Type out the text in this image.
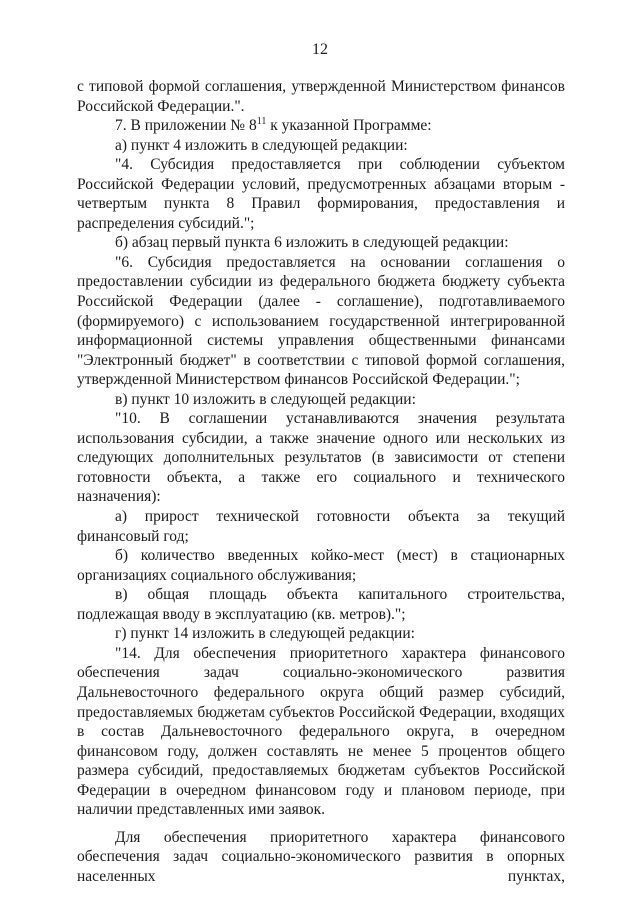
12

с типовой формой соглашения, утвержденной Министерством финансов Российской Федерации.".

7. В приложении № $8^{11}$ к указанной Программе:

а) пункт 4 изложить в следующей редакции:

"4. Субсидия предоставляется при соблюдении субъектом Российской Федерации условий, предусмотренных абзацами вторым - четвертым пункта 8 Правил формирования, предоставления и распределения субсидий.";

б) абзац первый пункта 6 изложить в следующей редакции:

"6. Субсидия предоставляется на основании соглашения о предоставлении субсидии из федерального бюджета бюджету субъекта Российской Федерации (далее - соглашение), подготавливаемого (формируемого) с использованием государственной интегрированной информационной системы управления общественными финансами "Электронный бюджет" в соответствии с типовой формой соглашения, утвержденной Министерством финансов Российской Федерации.";

в) пункт 10 изложить в следующей редакции:

"10. В соглашении устанавливаются значения результата использования субсидии, а также значение одного или нескольких из следующих дополнительных результатов (в зависимости от степени готовности объекта, а также его социального и технического назначения):

а) прирост технической готовности объекта за текущий финансовый год;

б) количество введенных койко-мест (мест) в стационарных организациях социального обслуживания;

в) общая площадь объекта капитального строительства, подлежащая вводу в эксплуатацию (кв. метров).";

г) пункт 14 изложить в следующей редакции:

"14. Для обеспечения приоритетного характера финансового обеспечения задач социально-экономического развития Дальневосточного федерального округа общий размер субсидий, предоставляемых бюджетам субъектов Российской Федерации, входящих в состав Дальневосточного федерального округа, в очередном финансовом году, должен составлять не менее 5 процентов общего размера субсидий, предоставляемых бюджетам субъектов Российской Федерации в очередном финансовом году и плановом периоде, при наличии представленных ими заявок.

Для обеспечения приоритетного характера финансового обеспечения задач социально-экономического развития в опорных населенных пунктах,
